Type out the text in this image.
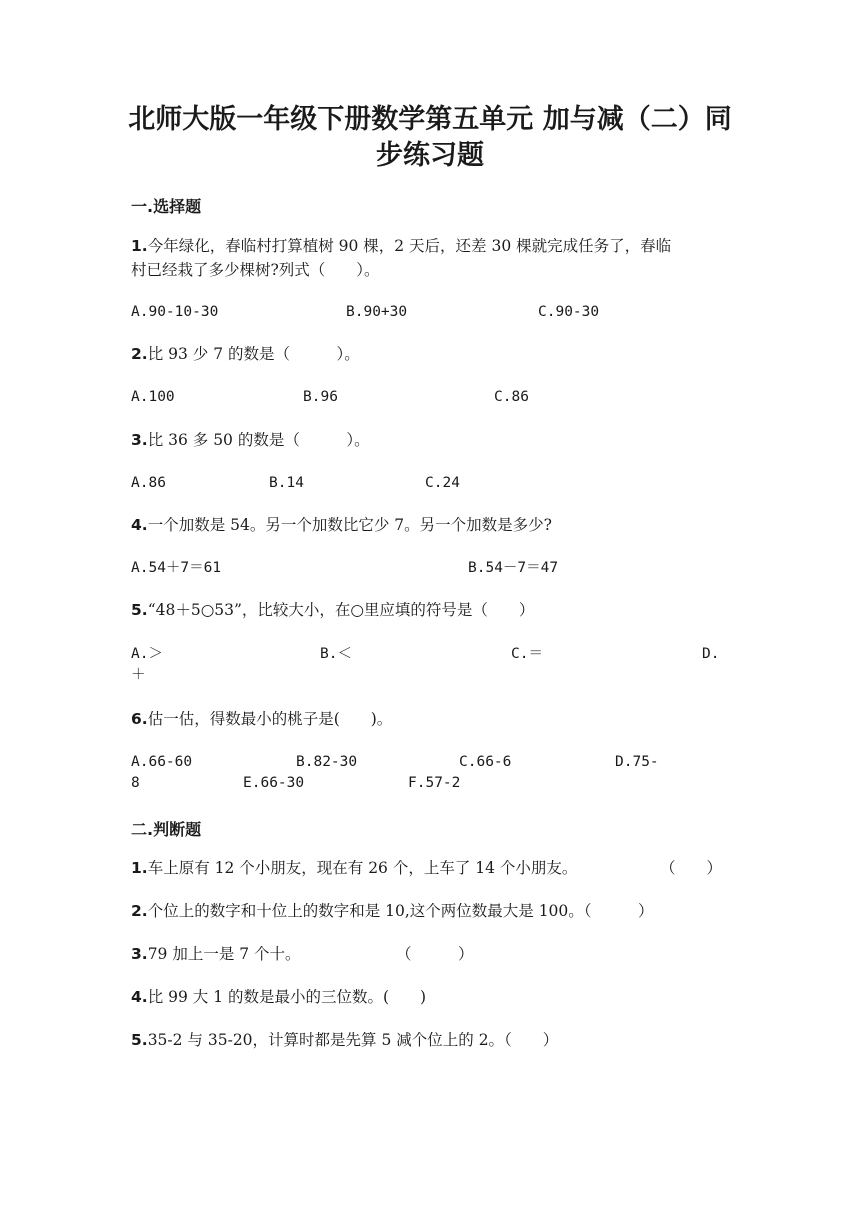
北师大版一年级下册数学第五单元 加与减（二）同
步练习题
一.选择题
1.今年绿化，春临村打算植树 90 棵，2 天后，还差 30 棵就完成任务了，春临
村已经栽了多少棵树?列式（　　）。
A.90-10-30	B.90+30	C.90-30
2.比 93 少 7 的数是（　　　）。
A.100	B.96	C.86
3.比 36 多 50 的数是（　　　）。
A.86	B.14	C.24
4.一个加数是 54。另一个加数比它少 7。另一个加数是多少?
A.54＋7＝61	B.54－7＝47
5.“48＋5○53”，比较大小，在○里应填的符号是（　　）
A.＞	B.＜	C.＝	D.
＋
6.估一估，得数最小的桃子是(　　)。
A.66-60	B.82-30	C.66-6	D.75-
8	E.66-30	F.57-2
二.判断题
1.车上原有 12 个小朋友，现在有 26 个，上车了 14 个小朋友。	（　　）
2.个位上的数字和十位上的数字和是 10,这个两位数最大是 100。（　　　）
3.79 加上一是 7 个十。	（　　　）
4.比 99 大 1 的数是最小的三位数。(　　)
5.35-2 与 35-20，计算时都是先算 5 减个位上的 2。（　　）
